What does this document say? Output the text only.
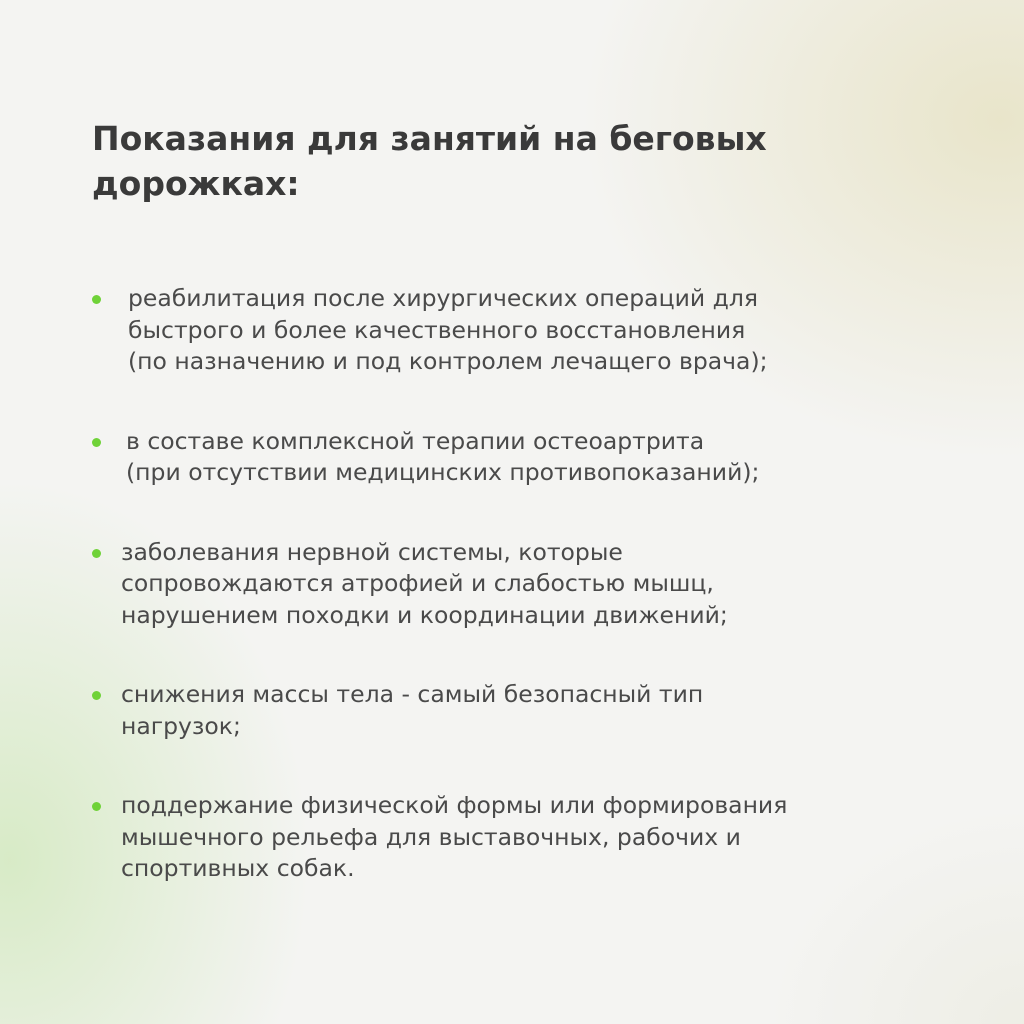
Показания для занятий на беговых
дорожках:
реабилитация после хирургических операций для
быстрого и более качественного восстановления
(по назначению и под контролем лечащего врача);
в составе комплексной терапии остеоартрита
(при отсутствии медицинских противопоказаний);
заболевания нервной системы, которые
сопровождаются атрофией и слабостью мышц,
нарушением походки и координации движений;
снижения массы тела - самый безопасный тип
нагрузок;
поддержание физической формы или формирования
мышечного рельефа для выставочных, рабочих и
спортивных собак.
